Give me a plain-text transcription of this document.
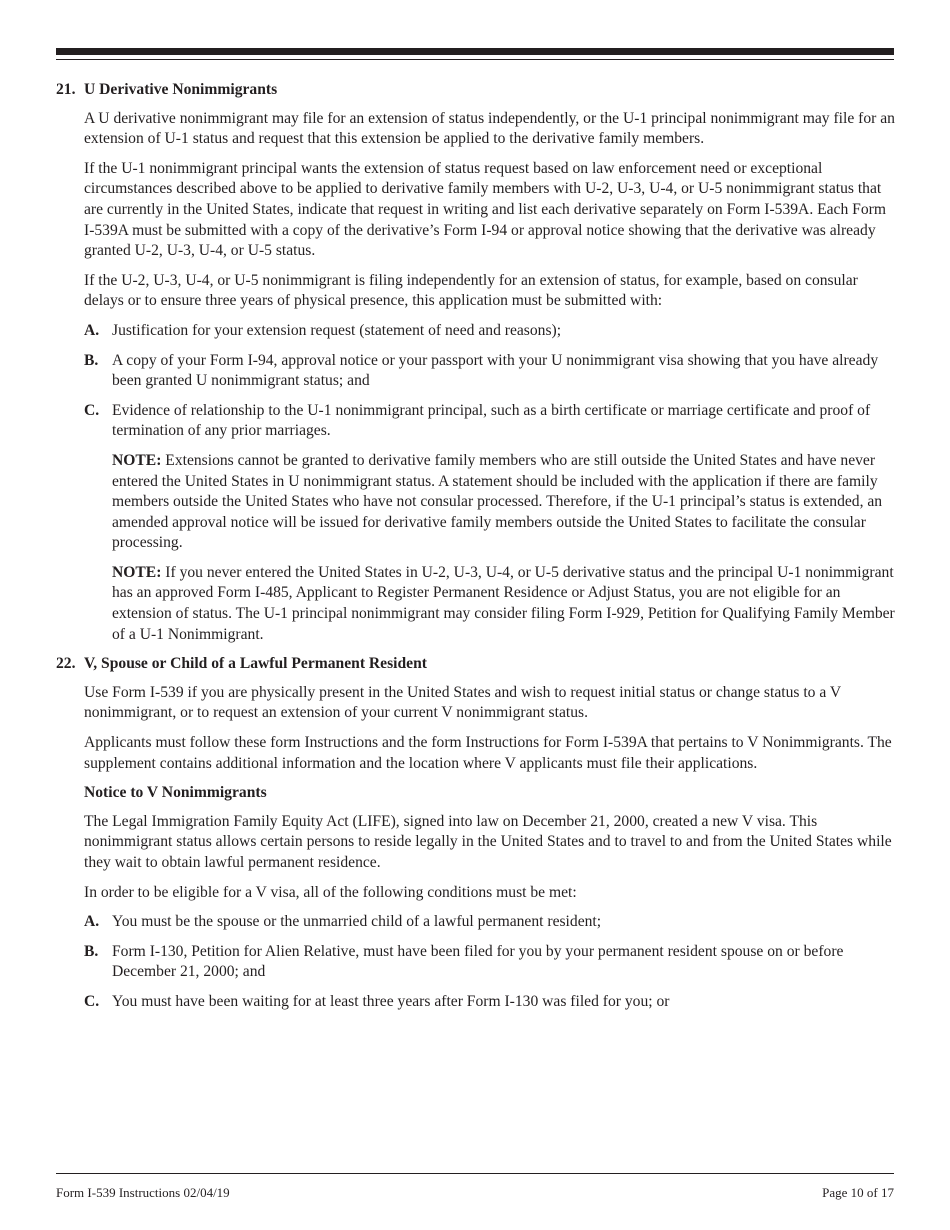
21. U Derivative Nonimmigrants

A U derivative nonimmigrant may file for an extension of status independently, or the U-1 principal nonimmigrant may file for an extension of U-1 status and request that this extension be applied to the derivative family members.

If the U-1 nonimmigrant principal wants the extension of status request based on law enforcement need or exceptional circumstances described above to be applied to derivative family members with U-2, U-3, U-4, or U-5 nonimmigrant status that are currently in the United States, indicate that request in writing and list each derivative separately on Form I-539A. Each Form I-539A must be submitted with a copy of the derivative’s Form I-94 or approval notice showing that the derivative was already granted U-2, U-3, U-4, or U-5 status.

If the U-2, U-3, U-4, or U-5 nonimmigrant is filing independently for an extension of status, for example, based on consular delays or to ensure three years of physical presence, this application must be submitted with:

A. Justification for your extension request (statement of need and reasons);
B. A copy of your Form I-94, approval notice or your passport with your U nonimmigrant visa showing that you have already been granted U nonimmigrant status; and
C. Evidence of relationship to the U-1 nonimmigrant principal, such as a birth certificate or marriage certificate and proof of termination of any prior marriages.

NOTE: Extensions cannot be granted to derivative family members who are still outside the United States and have never entered the United States in U nonimmigrant status. A statement should be included with the application if there are family members outside the United States who have not consular processed. Therefore, if the U-1 principal’s status is extended, an amended approval notice will be issued for derivative family members outside the United States to facilitate the consular processing.

NOTE: If you never entered the United States in U-2, U-3, U-4, or U-5 derivative status and the principal U-1 nonimmigrant has an approved Form I-485, Applicant to Register Permanent Residence or Adjust Status, you are not eligible for an extension of status. The U-1 principal nonimmigrant may consider filing Form I-929, Petition for Qualifying Family Member of a U-1 Nonimmigrant.

22. V, Spouse or Child of a Lawful Permanent Resident

Use Form I-539 if you are physically present in the United States and wish to request initial status or change status to a V nonimmigrant, or to request an extension of your current V nonimmigrant status.

Applicants must follow these form Instructions and the form Instructions for Form I-539A that pertains to V Nonimmigrants. The supplement contains additional information and the location where V applicants must file their applications.

Notice to V Nonimmigrants

The Legal Immigration Family Equity Act (LIFE), signed into law on December 21, 2000, created a new V visa. This nonimmigrant status allows certain persons to reside legally in the United States and to travel to and from the United States while they wait to obtain lawful permanent residence.

In order to be eligible for a V visa, all of the following conditions must be met:

A. You must be the spouse or the unmarried child of a lawful permanent resident;
B. Form I-130, Petition for Alien Relative, must have been filed for you by your permanent resident spouse on or before December 21, 2000; and
C. You must have been waiting for at least three years after Form I-130 was filed for you; or
Form I-539 Instructions 02/04/19	Page 10 of 17
